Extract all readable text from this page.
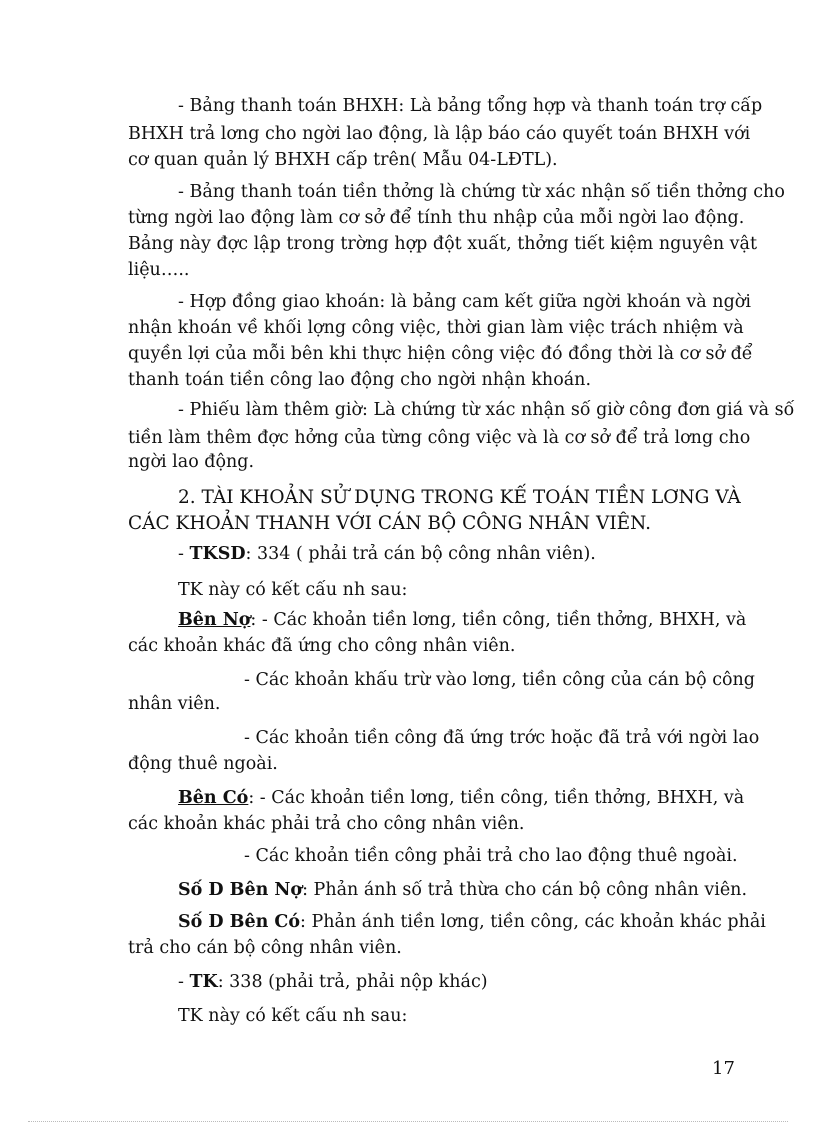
- Bảng thanh toán BHXH: Là bảng tổng hợp và thanh toán trợ cấp
BHXH trả lơng cho ngời lao động, là lập báo cáo quyết toán BHXH với
cơ quan quản lý BHXH cấp trên( Mẫu 04-LĐTL).
- Bảng thanh toán tiền thởng là chứng từ xác nhận số tiền thởng cho
từng ngời lao động làm cơ sở để tính thu nhập của mỗi ngời lao động.
Bảng này đợc lập trong trờng hợp đột xuất, thởng tiết kiệm nguyên vật
liệu…..
- Hợp đồng giao khoán: là bảng cam kết giữa ngời khoán và ngời
nhận khoán về khối lợng công việc, thời gian làm việc trách nhiệm và
quyền lợi của mỗi bên khi thực hiện công việc đó đồng thời là cơ sở để
thanh toán tiền công lao động cho ngời nhận khoán.
- Phiếu làm thêm giờ: Là chứng từ xác nhận số giờ công đơn giá và số
tiền làm thêm đợc hởng của từng công việc và là cơ sở để trả lơng cho
ngời lao động.
2. TÀI KHOẢN SỬ DỤNG TRONG KẾ TOÁN TIỀN LƠNG VÀ
CÁC KHOẢN THANH VỚI CÁN BỘ CÔNG NHÂN VIÊN.
- TKSD: 334 ( phải trả cán bộ công nhân viên).
TK này có kết cấu nh sau:
Bên Nợ: - Các khoản tiền lơng, tiền công, tiền thởng, BHXH, và
các khoản khác đã ứng cho công nhân viên.
- Các khoản khấu trừ vào lơng, tiền công của cán bộ công
nhân viên.
- Các khoản tiền công đã ứng trớc hoặc đã trả với ngời lao
động thuê ngoài.
Bên Có: - Các khoản tiền lơng, tiền công, tiền thởng, BHXH, và
các khoản khác phải trả cho công nhân viên.
- Các khoản tiền công phải trả cho lao động thuê ngoài.
Số D Bên Nợ: Phản ánh số trả thừa cho cán bộ công nhân viên.
Số D Bên Có: Phản ánh tiền lơng, tiền công, các khoản khác phải
trả cho cán bộ công nhân viên.
- TK: 338 (phải trả, phải nộp khác)
TK này có kết cấu nh sau:
17
